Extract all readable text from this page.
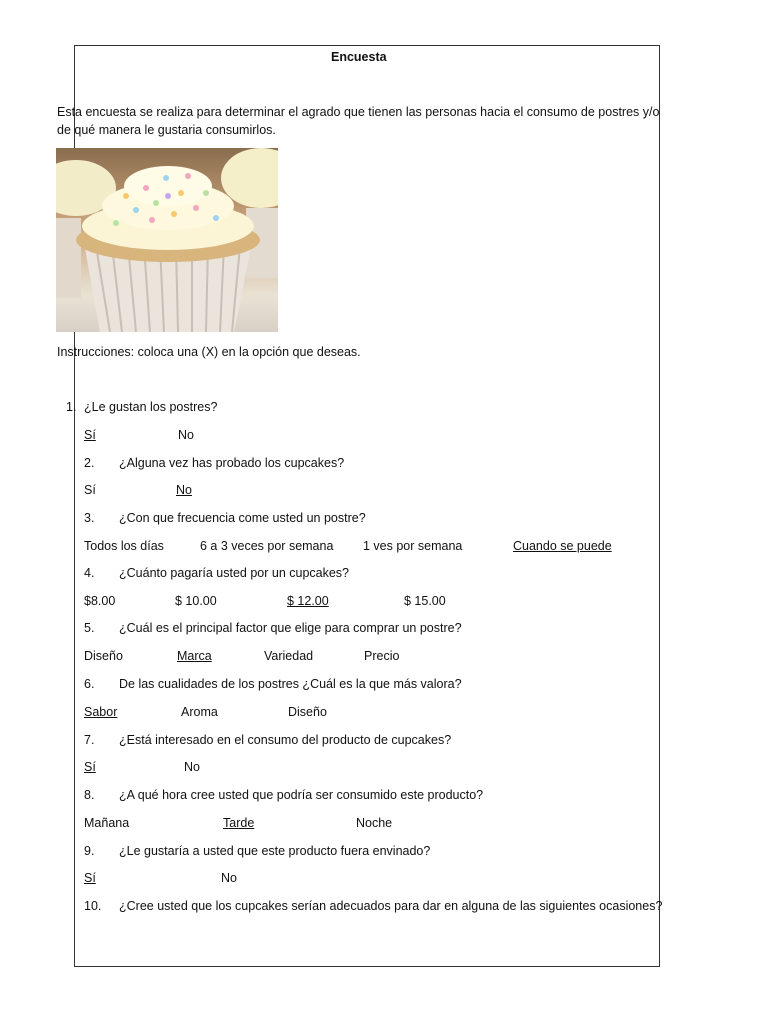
Encuesta
Esta encuesta se realiza para determinar el agrado que tienen las personas hacia el consumo de postres y/o
de qué manera le gustaria consumirlos.
Instrucciones: coloca una (X) en la opción que deseas.
1. ¿Le gustan los postres?
Sí	No
2. ¿Alguna vez has probado los cupcakes?
Sí	No
3. ¿Con que frecuencia come usted un postre?
Todos los días	6 a 3 veces por semana 1 ves por semana	Cuando se puede
4. ¿Cuánto pagaría usted por un cupcakes?
$8.00	$ 10.00	$ 12.00	$ 15.00
5. ¿Cuál es el principal factor que elige para comprar un postre?
Diseño	Marca	Variedad	Precio
6. De las cualidades de los postres ¿Cuál es la que más valora?
Sabor	Aroma	Diseño
7. ¿Está interesado en el consumo del producto de cupcakes?
Sí	No
8. ¿A qué hora cree usted que podría ser consumido este producto?
Mañana	Tarde	Noche
9. ¿Le gustaría a usted que este producto fuera envinado?
Sí	No
10. ¿Cree usted que los cupcakes serían adecuados para dar en alguna de las siguientes ocasiones?
